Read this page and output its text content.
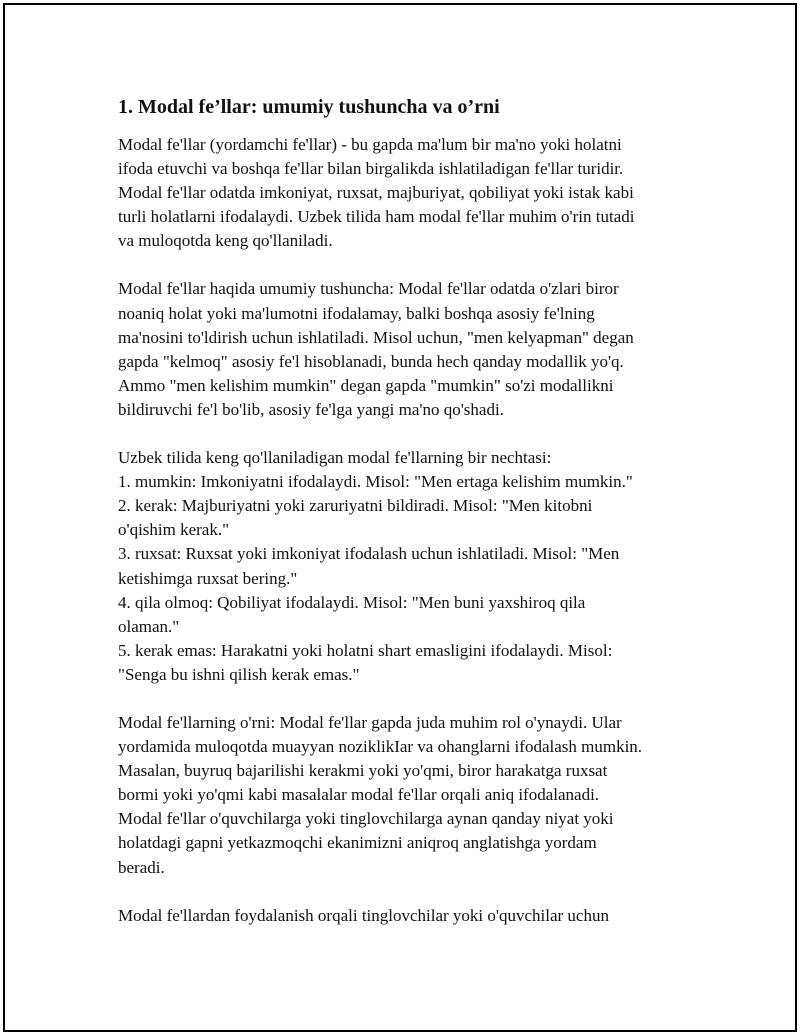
1. Modal fe’llar: umumiy tushuncha va o’rni

Modal fe'llar (yordamchi fe'llar) - bu gapda ma'lum bir ma'no yoki holatni
ifoda etuvchi va boshqa fe'llar bilan birgalikda ishlatiladigan fe'llar turidir.
Modal fe'llar odatda imkoniyat, ruxsat, majburiyat, qobiliyat yoki istak kabi
turli holatlarni ifodalaydi. Uzbek tilida ham modal fe'llar muhim o'rin tutadi
va muloqotda keng qo'llaniladi.

Modal fe'llar haqida umumiy tushuncha: Modal fe'llar odatda o'zlari biror
noaniq holat yoki ma'lumotni ifodalamay, balki boshqa asosiy fe'lning
ma'nosini to'ldirish uchun ishlatiladi. Misol uchun, "men kelyapman" degan
gapda "kelmoq" asosiy fe'l hisoblanadi, bunda hech qanday modallik yo'q.
Ammo "men kelishim mumkin" degan gapda "mumkin" so'zi modallikni
bildiruvchi fe'l bo'lib, asosiy fe'lga yangi ma'no qo'shadi.

Uzbek tilida keng qo'llaniladigan modal fe'llarning bir nechtasi:
1. mumkin: Imkoniyatni ifodalaydi. Misol: "Men ertaga kelishim mumkin."
2. kerak: Majburiyatni yoki zaruriyatni bildiradi. Misol: "Men kitobni
o'qishim kerak."
3. ruxsat: Ruxsat yoki imkoniyat ifodalash uchun ishlatiladi. Misol: "Men
ketishimga ruxsat bering."
4. qila olmoq: Qobiliyat ifodalaydi. Misol: "Men buni yaxshiroq qila
olaman."
5. kerak emas: Harakatni yoki holatni shart emasligini ifodalaydi. Misol:
"Senga bu ishni qilish kerak emas."

Modal fe'llarning o'rni: Modal fe'llar gapda juda muhim rol o'ynaydi. Ular
yordamida muloqotda muayyan noziklikIar va ohanglarni ifodalash mumkin.
Masalan, buyruq bajarilishi kerakmi yoki yo'qmi, biror harakatga ruxsat
bormi yoki yo'qmi kabi masalalar modal fe'llar orqali aniq ifodalanadi.
Modal fe'llar o'quvchilarga yoki tinglovchilarga aynan qanday niyat yoki
holatdagi gapni yetkazmoqchi ekanimizni aniqroq anglatishga yordam
beradi.

Modal fe'llardan foydalanish orqali tinglovchilar yoki o'quvchilar uchun
